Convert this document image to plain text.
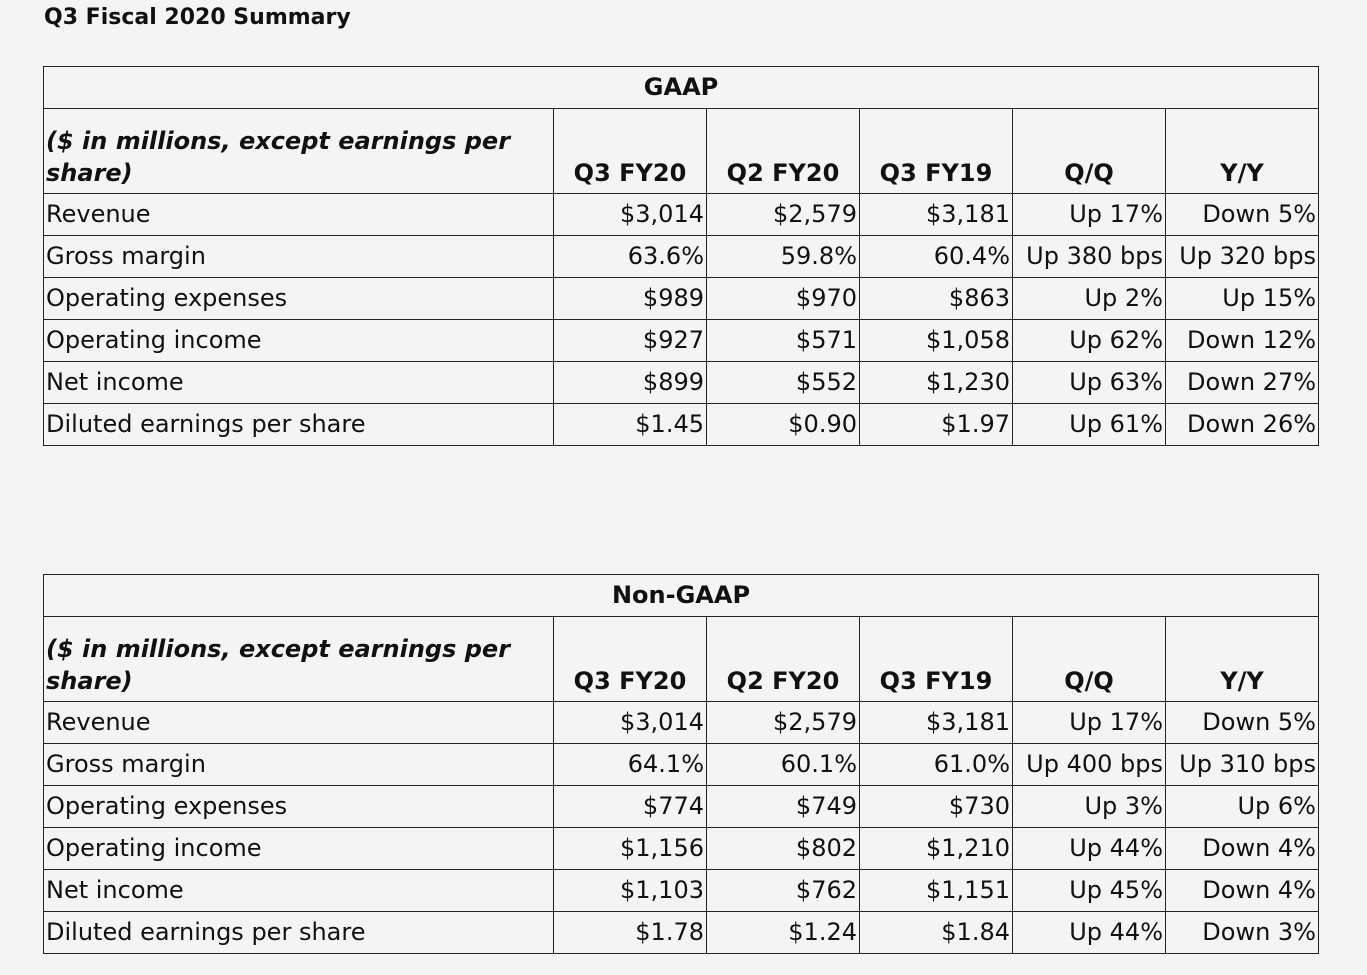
Q3 Fiscal 2020 Summary
GAAP					
($ in millions, except earnings per share)	Q3 FY20	Q2 FY20	Q3 FY19	Q/Q	Y/Y
Revenue	$3,014	$2,579	$3,181	Up 17%	Down 5%
Gross margin	63.6%	59.8%	60.4%	Up 380 bps	Up 320 bps
Operating expenses	$989	$970	$863	Up 2%	Up 15%
Operating income	$927	$571	$1,058	Up 62%	Down 12%
Net income	$899	$552	$1,230	Up 63%	Down 27%
Diluted earnings per share	$1.45	$0.90	$1.97	Up 61%	Down 26%
Non-GAAP					
($ in millions, except earnings per share)	Q3 FY20	Q2 FY20	Q3 FY19	Q/Q	Y/Y
Revenue	$3,014	$2,579	$3,181	Up 17%	Down 5%
Gross margin	64.1%	60.1%	61.0%	Up 400 bps	Up 310 bps
Operating expenses	$774	$749	$730	Up 3%	Up 6%
Operating income	$1,156	$802	$1,210	Up 44%	Down 4%
Net income	$1,103	$762	$1,151	Up 45%	Down 4%
Diluted earnings per share	$1.78	$1.24	$1.84	Up 44%	Down 3%
